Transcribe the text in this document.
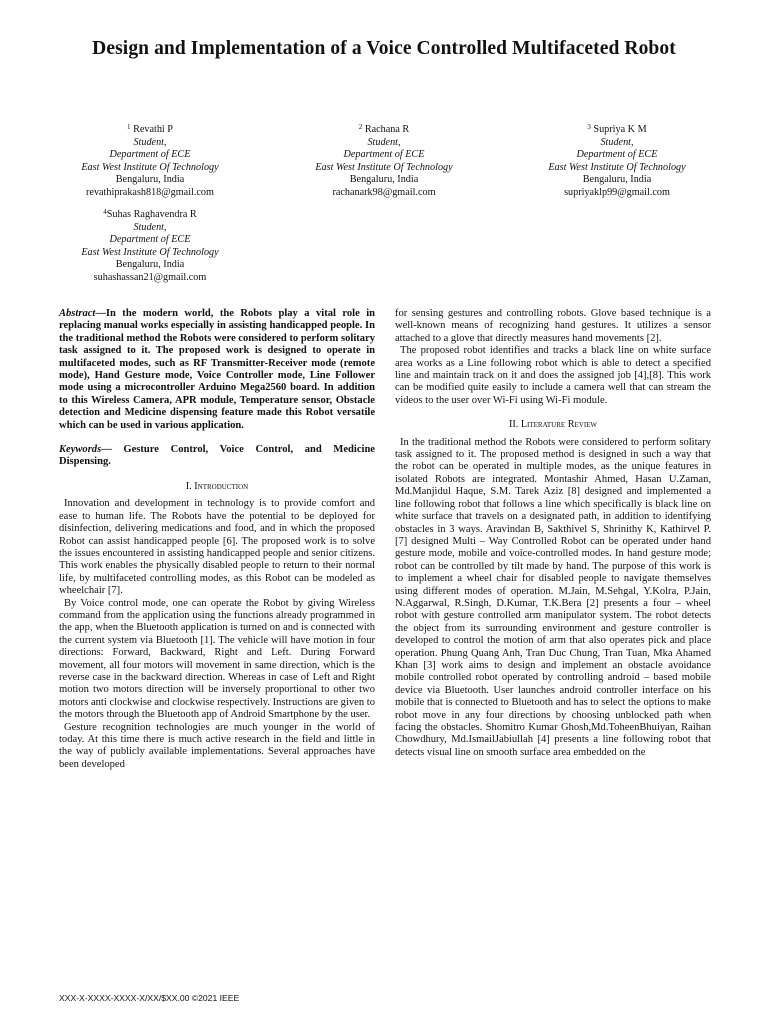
Design and Implementation of a Voice Controlled Multifaceted Robot
$^1$ Revathi P
Student,
Department of ECE
East West Institute Of Technology
Bengaluru, India
revathiprakash818@gmail.com
$^2$ Rachana R
Student,
Department of ECE
East West Institute Of Technology
Bengaluru, India
rachanark98@gmail.com
$^3$ Supriya K M
Student,
Department of ECE
East West Institute Of Technology
Bengaluru, India
supriyaklp99@gmail.com
$^4$Suhas Raghavendra R
Student,
Department of ECE
East West Institute Of Technology
Bengaluru, India
suhashassan21@gmail.com

Abstract—In the modern world, the Robots play a vital role in replacing manual works especially in assisting handicapped people. In the traditional method the Robots were considered to perform solitary task assigned to it. The proposed work is designed to operate in multifaceted modes, such as RF Transmitter-Receiver mode (remote mode), Hand Gesture mode, Voice Controller mode, Line Follower mode using a microcontroller Arduino Mega2560 board. In addition to this Wireless Camera, APR module, Temperature sensor, Obstacle detection and Medicine dispensing feature made this Robot versatile which can be used in various application.

Keywords— Gesture Control, Voice Control, and Medicine Dispensing.

I. Introduction

Innovation and development in technology is to provide comfort and ease to human life. The Robots have the potential to be deployed for disinfection, delivering medications and food, and in which the proposed Robot can assist handicapped people [6]. The proposed work is to solve the issues encountered in assisting handicapped people and senior citizens. This work enables the physically disabled people to return to their normal life, by multifaceted controlling modes, as this Robot can be modeled as wheelchair [7].

By Voice control mode, one can operate the Robot by giving Wireless command from the application using the functions already programmed in the app, when the Bluetooth application is turned on and is connected with the current system via Bluetooth [1]. The vehicle will have motion in four directions: Forward, Backward, Right and Left. During Forward movement, all four motors will movement in same direction, which is the reverse case in the backward direction. Whereas in case of Left and Right motion two motors direction will be inversely proportional to other two motors anti clockwise and clockwise respectively. Instructions are given to the motors through the Bluetooth app of Android Smartphone by the user.

Gesture recognition technologies are much younger in the world of today. At this time there is much active research in the field and little in the way of publicly available implementations. Several approaches have been developed

for sensing gestures and controlling robots. Glove based technique is a well-known means of recognizing hand gestures. It utilizes a sensor attached to a glove that directly measures hand movements [2].

The proposed robot identifies and tracks a black line on white surface area works as a Line following robot which is able to detect a specified line and maintain track on it and does the assigned job [4],[8]. This work can be modified quite easily to include a camera well that can stream the videos to the user over Wi-Fi using Wi-Fi module.

II. Literature Review

In the traditional method the Robots were considered to perform solitary task assigned to it. The proposed method is designed in such a way that the robot can be operated in multiple modes, as the unique features in isolated Robots are integrated. Montashir Ahmed, Hasan U.Zaman, Md.Manjidul Haque, S.M. Tarek Aziz [8] designed and implemented a line following robot that follows a line which specifically is black line on white surface that travels on a designated path, in addition to identifying obstacles in 3 ways. Aravindan B, Sakthivel S, Shrinithy K, Kathirvel P. [7] designed Multi – Way Controlled Robot can be operated under hand gesture mode, mobile and voice-controlled modes. In hand gesture mode; robot can be controlled by tilt made by hand. The purpose of this work is to implement a wheel chair for disabled people to navigate themselves using different modes of operation. M.Jain, M.Sehgal, Y.Kolra, P.Jain, N.Aggarwal, R.Singh, D.Kumar, T.K.Bera [2] presents a four – wheel robot with gesture controlled arm manipulator system. The robot detects the object from its surrounding environment and gesture controller is developed to control the motion of arm that also operates pick and place operation. Phung Quang Anh, Tran Duc Chung, Tran Tuan, Mka Ahamed Khan [3] work aims to design and implement an obstacle avoidance mobile controlled robot operated by controlling android – based mobile device via Bluetooth. User launches android controller interface on his mobile that is connected to Bluetooth and has to select the options to make robot move in any four directions by choosing unblocked path when facing the obstacles. Shomitro Kumar Ghosh,Md.ToheenBhuiyan, Raihan Chowdhury, Md.IsmailJabiullah [4] presents a line following robot that detects visual line on smooth surface area embedded on the

XXX-X-XXXX-XXXX-X/XX/$XX.00 ©2021 IEEE
